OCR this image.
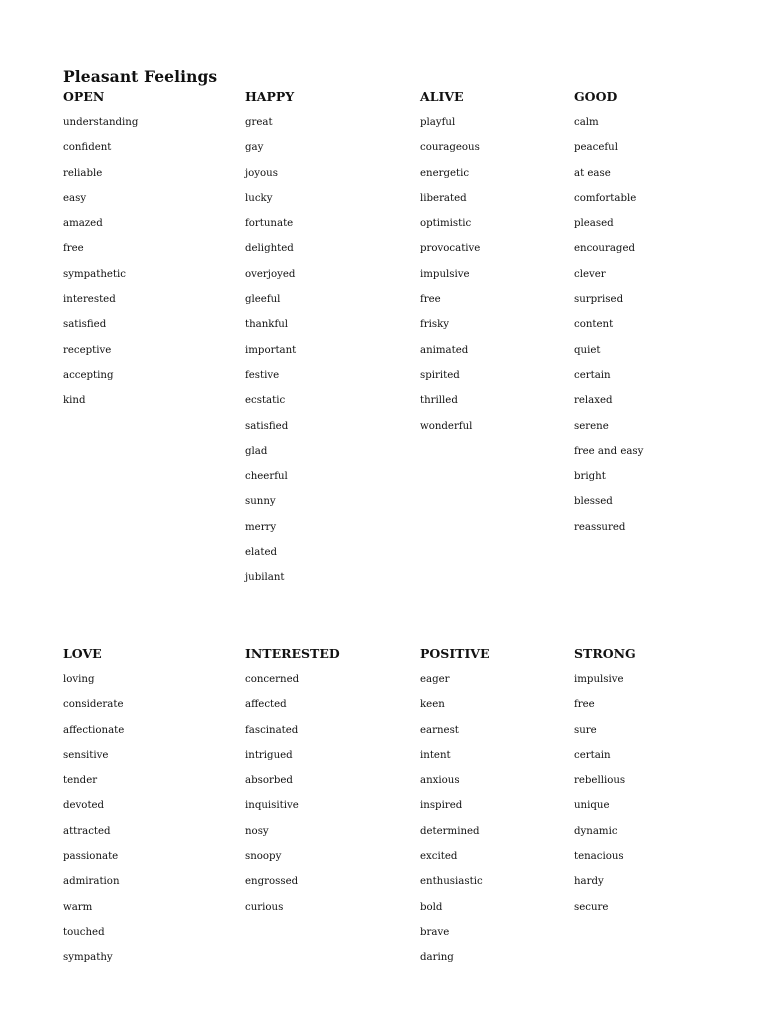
Pleasant Feelings
OPEN
understanding
confident
reliable
easy
amazed
free
sympathetic
interested
satisfied
receptive
accepting
kind
HAPPY
great
gay
joyous
lucky
fortunate
delighted
overjoyed
gleeful
thankful
important
festive
ecstatic
satisfied
glad
cheerful
sunny
merry
elated
jubilant
ALIVE
playful
courageous
energetic
liberated
optimistic
provocative
impulsive
free
frisky
animated
spirited
thrilled
wonderful
GOOD
calm
peaceful
at ease
comfortable
pleased
encouraged
clever
surprised
content
quiet
certain
relaxed
serene
free and easy
bright
blessed
reassured
LOVE
loving
considerate
affectionate
sensitive
tender
devoted
attracted
passionate
admiration
warm
touched
sympathy
INTERESTED
concerned
affected
fascinated
intrigued
absorbed
inquisitive
nosy
snoopy
engrossed
curious
POSITIVE
eager
keen
earnest
intent
anxious
inspired
determined
excited
enthusiastic
bold
brave
daring
STRONG
impulsive
free
sure
certain
rebellious
unique
dynamic
tenacious
hardy
secure
